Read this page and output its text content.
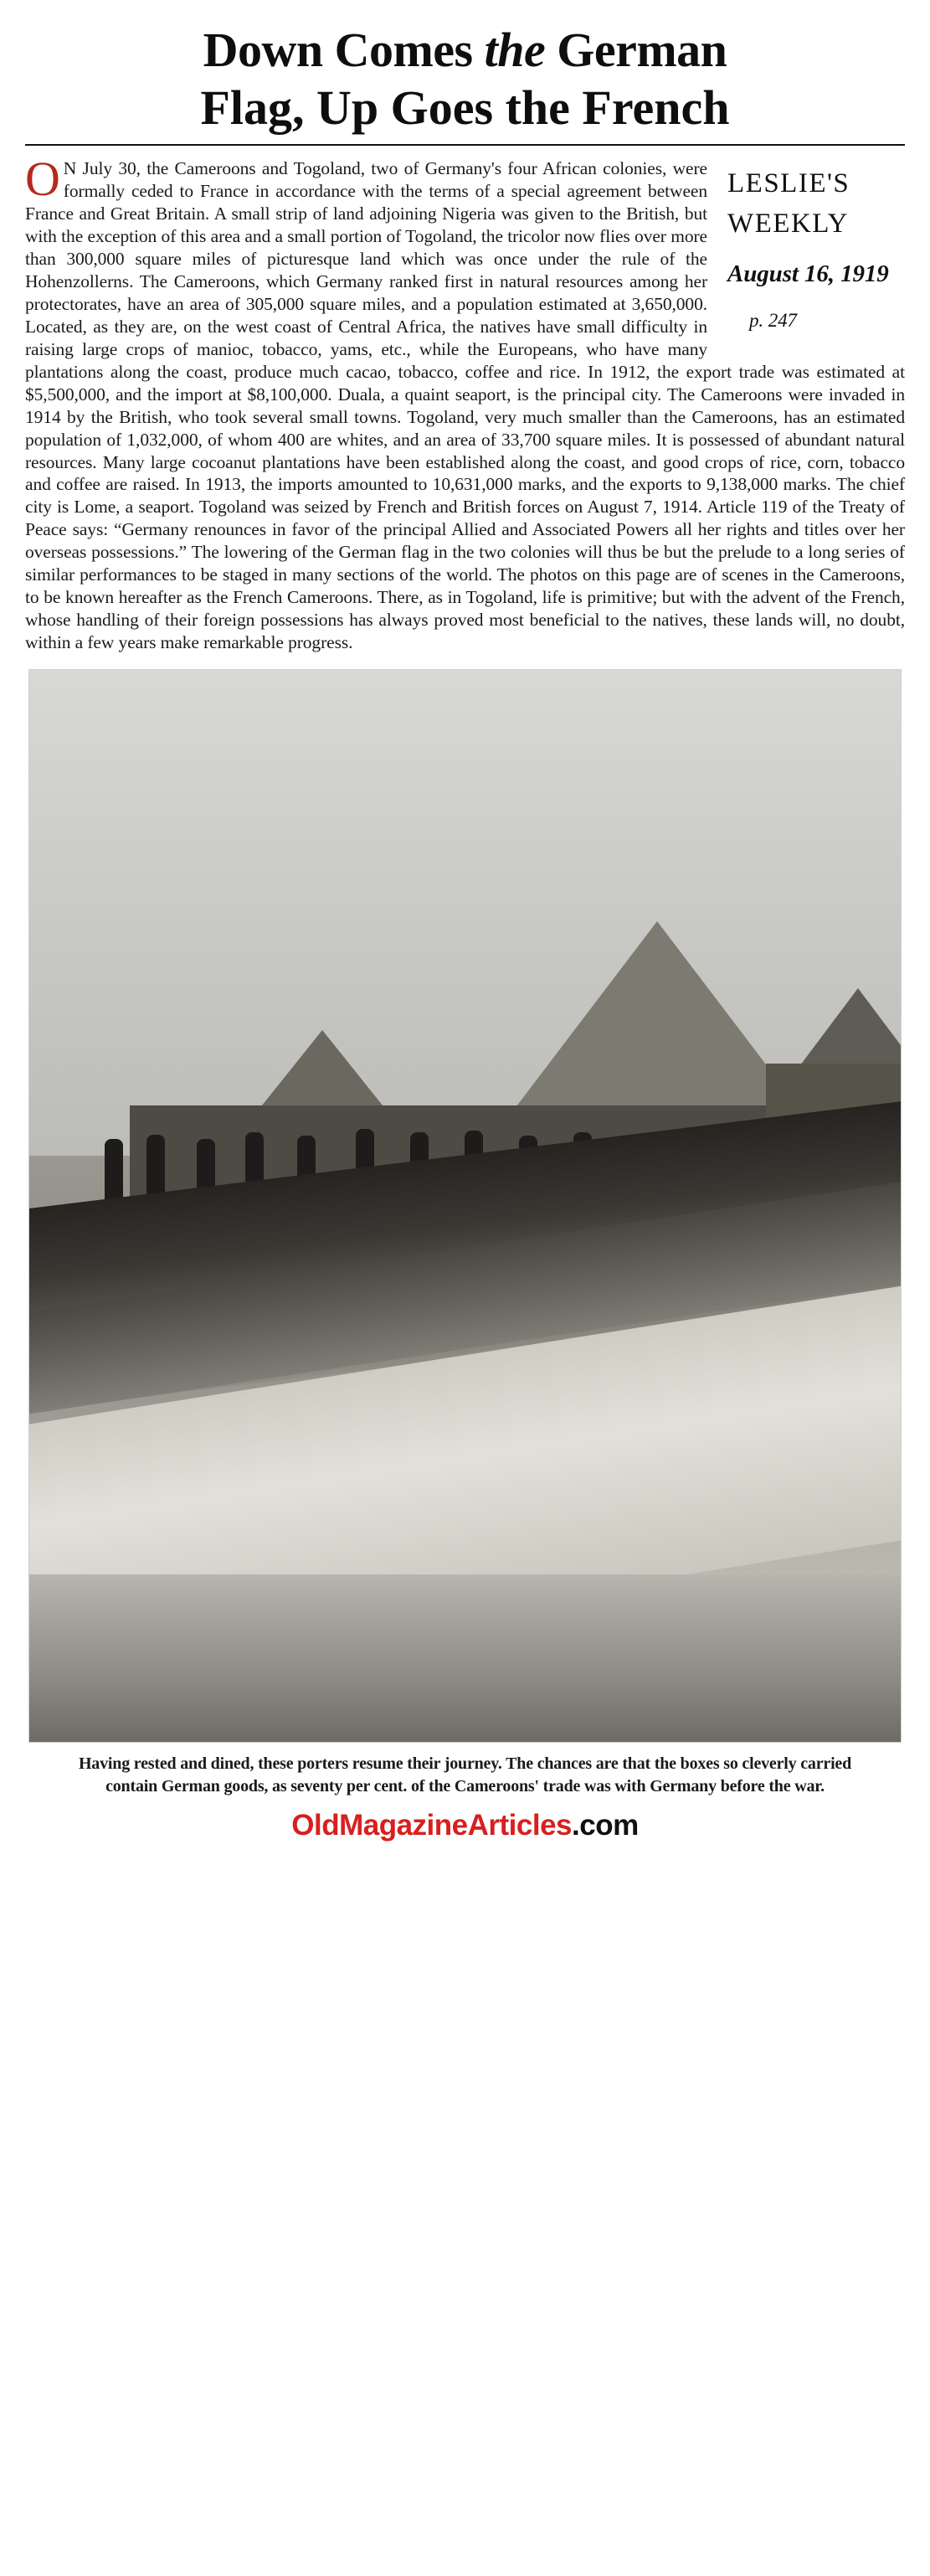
Down Comes the German
Flag, Up Goes the French
LESLIE'S
WEEKLY
August 16, 1919
p. 247
O N July 30, the Cameroons and Togoland, two of Germany's four African colonies, were formally ceded to France in accordance with the terms of a special agreement between France and Great Britain. A small strip of land adjoining Nigeria was given to the British, but with the exception of this area and a small portion of Togoland, the tricolor now flies over more than 300,000 square miles of picturesque land which was once under the rule of the Hohenzollerns. The Cameroons, which Germany ranked first in natural resources among her protectorates, have an area of 305,000 square miles, and a population estimated at 3,650,000. Located, as they are, on the west coast of Central Africa, the natives have small difficulty in raising large crops of manioc, tobacco, yams, etc., while the Europeans, who have many plantations along the coast, produce much cacao, tobacco, coffee and rice. In 1912, the export trade was estimated at $5,500,000, and the import at $8,100,000. Duala, a quaint seaport, is the principal city. The Cameroons were invaded in 1914 by the British, who took several small towns. Togoland, very much smaller than the Cameroons, has an estimated population of 1,032,000, of whom 400 are whites, and an area of 33,700 square miles. It is possessed of abundant natural resources. Many large cocoanut plantations have been established along the coast, and good crops of rice, corn, tobacco and coffee are raised. In 1913, the imports amounted to 10,631,000 marks, and the exports to 9,138,000 marks. The chief city is Lome, a seaport. Togoland was seized by French and British forces on August 7, 1914. Article 119 of the Treaty of Peace says: “Germany renounces in favor of the principal Allied and Associated Powers all her rights and titles over her overseas possessions.” The lowering of the German flag in the two colonies will thus be but the prelude to a long series of similar performances to be staged in many sections of the world. The photos on this page are of scenes in the Cameroons, to be known hereafter as the French Cameroons. There, as in Togoland, life is primitive; but with the advent of the French, whose handling of their foreign possessions has always proved most beneficial to the natives, these lands will, no doubt, within a few years make remarkable progress.

Having rested and dined, these porters resume their journey. The chances are that the boxes so cleverly carried contain German goods, as seventy per cent. of the Cameroons' trade was with Germany before the war.
OldMagazineArticles.com
